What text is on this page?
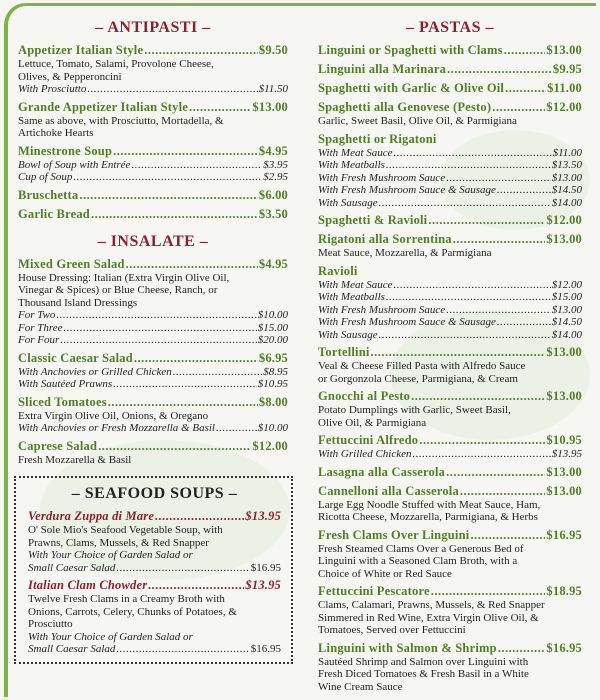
– ANTIPASTI –
Appetizer Italian Style .....	$9.50
Lettuce, Tomato, Salami, Provolone Cheese,
Olives, & Pepperoncini
With Prosciutto .....	$11.50
Grande Appetizer Italian Style .....	$13.00
Same as above, with Prosciutto, Mortadella, &
Artichoke Hearts
Minestrone Soup .....	$4.95
Bowl of Soup with Entrée .....	$3.95
Cup of Soup .....	$2.95
Bruschetta .....	$6.00
Garlic Bread .....	$3.50
– INSALATE –
Mixed Green Salad .....	$4.95
House Dressing: Italian (Extra Virgin Olive Oil,
Vinegar & Spices) or Blue Cheese, Ranch, or
Thousand Island Dressings
For Two .....	$10.00
For Three .....	$15.00
For Four .....	$20.00
Classic Caesar Salad .....	$6.95
With Anchovies or Grilled Chicken .....	$8.95
With Sautéed Prawns .....	$10.95
Sliced Tomatoes .....	$8.00
Extra Virgin Olive Oil, Onions, & Oregano
With Anchovies or Fresh Mozzarella & Basil .....	$10.00
Caprese Salad .....	$12.00
Fresh Mozzarella & Basil
– SEAFOOD SOUPS –
Verdura Zuppa di Mare .....	$13.95
O' Sole Mio's Seafood Vegetable Soup, with
Prawns, Clams, Mussels, & Red Snapper
With Your Choice of Garden Salad or
Small Caesar Salad .....	$16.95
Italian Clam Chowder .....	$13.95
Twelve Fresh Clams in a Creamy Broth with
Onions, Carrots, Celery, Chunks of Potatoes, &
Prosciutto
With Your Choice of Garden Salad or
Small Caesar Salad .....	$16.95
– PASTAS –
Linguini or Spaghetti with Clams .....	$13.00
Linguini alla Marinara .....	$9.95
Spaghetti with Garlic & Olive Oil .....	$11.00
Spaghetti alla Genovese (Pesto) .....	$12.00
Garlic, Sweet Basil, Olive Oil, & Parmigiana
Spaghetti or Rigatoni
With Meat Sauce .....	$11.00
With Meatballs .....	$13.50
With Fresh Mushroom Sauce .....	$13.00
With Fresh Mushroom Sauce & Sausage .....	$14.50
With Sausage .....	$14.00
Spaghetti & Ravioli .....	$12.00
Rigatoni alla Sorrentina .....	$13.00
Meat Sauce, Mozzarella, & Parmigiana
Ravioli
With Meat Sauce .....	$12.00
With Meatballs .....	$15.00
With Fresh Mushroom Sauce .....	$13.00
With Fresh Mushroom Sauce & Sausage .....	$14.50
With Sausage .....	$14.00
Tortellini .....	$13.00
Veal & Cheese Filled Pasta with Alfredo Sauce
or Gorgonzola Cheese, Parmigiana, & Cream
Gnocchi al Pesto .....	$13.00
Potato Dumplings with Garlic, Sweet Basil,
Olive Oil, & Parmigiana
Fettuccini Alfredo .....	$10.95
With Grilled Chicken .....	$13.95
Lasagna alla Casserola .....	$13.00
Cannelloni alla Casserola .....	$13.00
Large Egg Noodle Stuffed with Meat Sauce, Ham,
Ricotta Cheese, Mozzarella, Parmigiana, & Herbs
Fresh Clams Over Linguini .....	$16.95
Fresh Steamed Clams Over a Generous Bed of
Linguini with a Seasoned Clam Broth, with a
Choice of White or Red Sauce
Fettuccini Pescatore .....	$18.95
Clams, Calamari, Prawns, Mussels, & Red Snapper
Simmered in Red Wine, Extra Virgin Olive Oil, &
Tomatoes, Served over Fettuccini
Linguini with Salmon & Shrimp .....	$16.95
Sautéed Shrimp and Salmon over Linguini with
Fresh Diced Tomatoes & Fresh Basil in a White
Wine Cream Sauce
